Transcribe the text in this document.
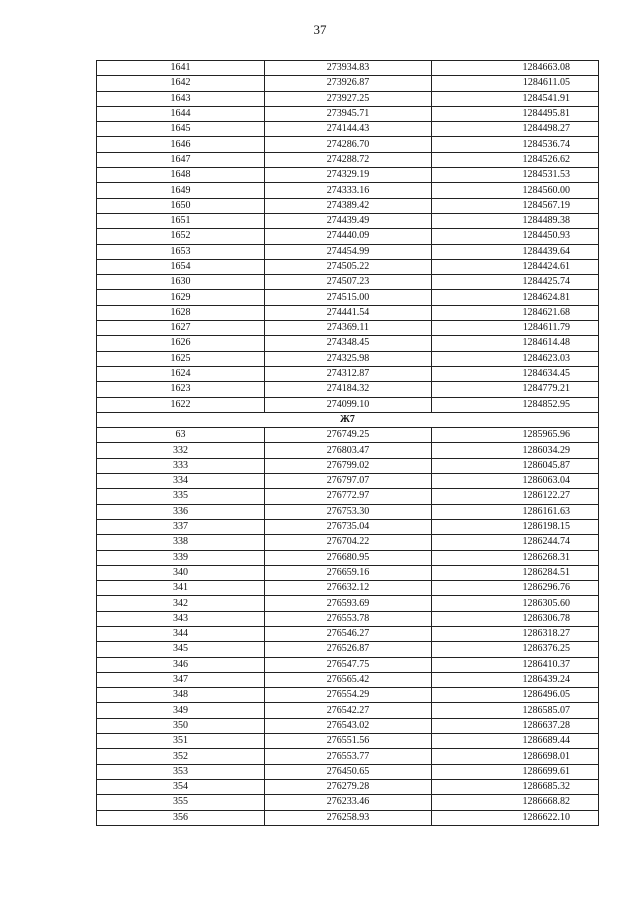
37
1641	273934.83	1284663.08
1642	273926.87	1284611.05
1643	273927.25	1284541.91
1644	273945.71	1284495.81
1645	274144.43	1284498.27
1646	274286.70	1284536.74
1647	274288.72	1284526.62
1648	274329.19	1284531.53
1649	274333.16	1284560.00
1650	274389.42	1284567.19
1651	274439.49	1284489.38
1652	274440.09	1284450.93
1653	274454.99	1284439.64
1654	274505.22	1284424.61
1630	274507.23	1284425.74
1629	274515.00	1284624.81
1628	274441.54	1284621.68
1627	274369.11	1284611.79
1626	274348.45	1284614.48
1625	274325.98	1284623.03
1624	274312.87	1284634.45
1623	274184.32	1284779.21
1622	274099.10	1284852.95
Ж7		
63	276749.25	1285965.96
332	276803.47	1286034.29
333	276799.02	1286045.87
334	276797.07	1286063.04
335	276772.97	1286122.27
336	276753.30	1286161.63
337	276735.04	1286198.15
338	276704.22	1286244.74
339	276680.95	1286268.31
340	276659.16	1286284.51
341	276632.12	1286296.76
342	276593.69	1286305.60
343	276553.78	1286306.78
344	276546.27	1286318.27
345	276526.87	1286376.25
346	276547.75	1286410.37
347	276565.42	1286439.24
348	276554.29	1286496.05
349	276542.27	1286585.07
350	276543.02	1286637.28
351	276551.56	1286689.44
352	276553.77	1286698.01
353	276450.65	1286699.61
354	276279.28	1286685.32
355	276233.46	1286668.82
356	276258.93	1286622.10
